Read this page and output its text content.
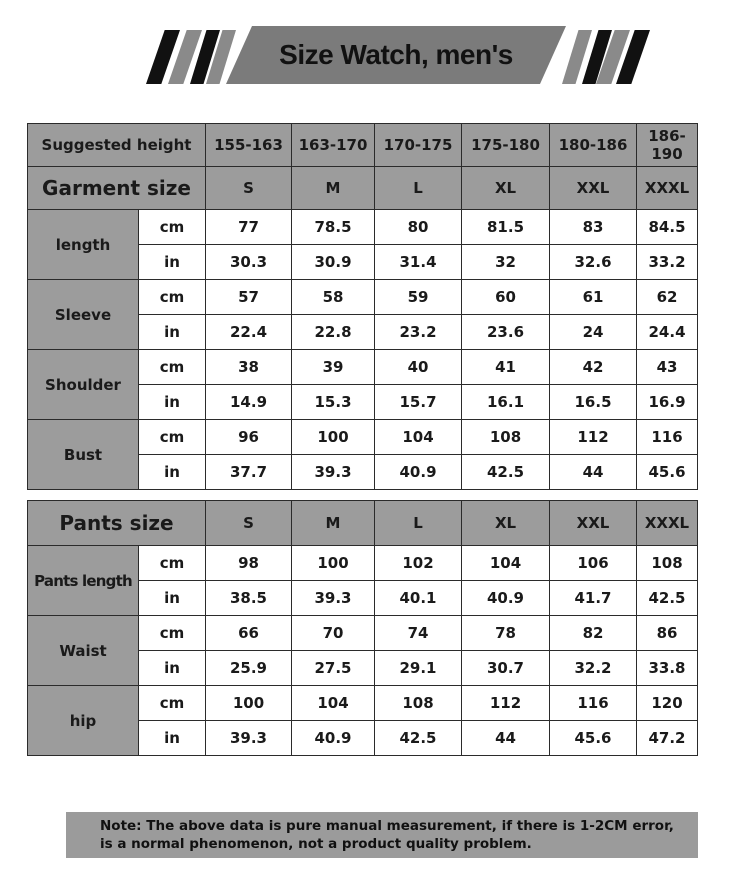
Size Watch, men's
Suggested height		155-163	163-170	170-175	175-180	180-186	186-190
Garment size		S	M	L	XL	XXL	XXXL
length	cm	77	78.5	80	81.5	83	84.5
	in	30.3	30.9	31.4	32	32.6	33.2
Sleeve	cm	57	58	59	60	61	62
	in	22.4	22.8	23.2	23.6	24	24.4
Shoulder	cm	38	39	40	41	42	43
	in	14.9	15.3	15.7	16.1	16.5	16.9
Bust	cm	96	100	104	108	112	116
	in	37.7	39.3	40.9	42.5	44	45.6
Pants size		S	M	L	XL	XXL	XXXL
Pants length	cm	98	100	102	104	106	108
	in	38.5	39.3	40.1	40.9	41.7	42.5
Waist	cm	66	70	74	78	82	86
	in	25.9	27.5	29.1	30.7	32.2	33.8
hip	cm	100	104	108	112	116	120
	in	39.3	40.9	42.5	44	45.6	47.2
Note: The above data is pure manual measurement, if there is 1-2CM error,
is a normal phenomenon, not a product quality problem.
